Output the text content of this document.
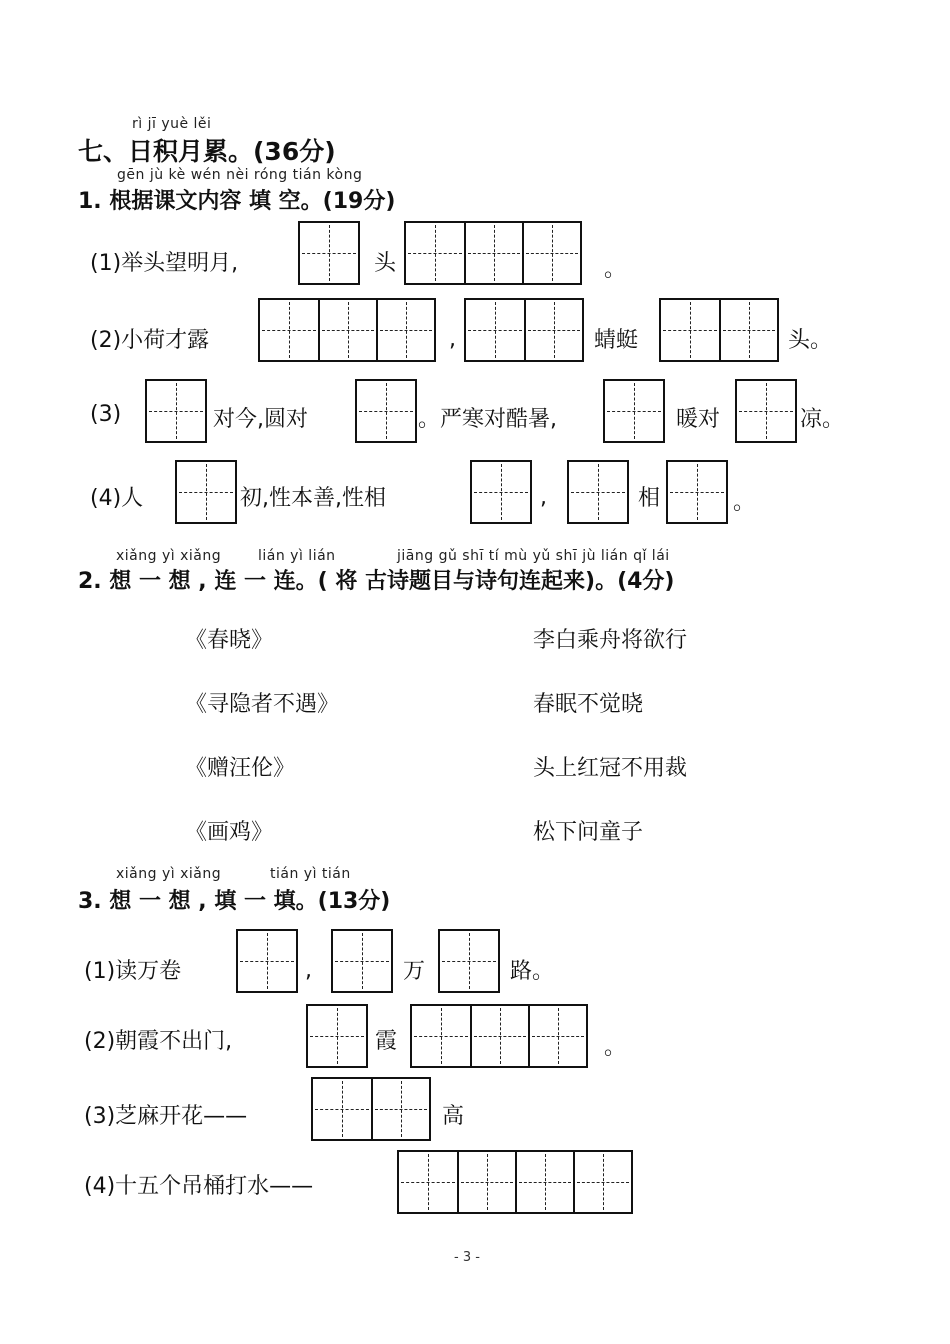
rì jī yuè lěi
七、日积月累。(36分)
gēn jù kè wén nèi róng tián kòng
1. 根据课文内容 填 空。(19分)
(1)举头望明月,	头	。
(2)小荷才露	,	蜻蜓	头。
(3)	对今,圆对	。严寒对酷暑,	暖对	凉。
(4)人	初,性本善,性相	,	相	。
xiǎng yì xiǎng	lián yì lián	jiāng gǔ shī tí mù yǔ shī jù lián qǐ lái
2. 想 一 想 , 连 一 连。( 将 古诗题目与诗句连起来)。(4分)
《春晓》
《寻隐者不遇》
《赠汪伦》
《画鸡》
李白乘舟将欲行
春眠不觉晓
头上红冠不用裁
松下问童子
xiǎng yì xiǎng	tián yì tián
3. 想 一 想 , 填 一 填。(13分)
(1)读万卷	,	万	路。
(2)朝霞不出门,	霞	。
(3)芝麻开花——	高
(4)十五个吊桶打水——
- 3 -
